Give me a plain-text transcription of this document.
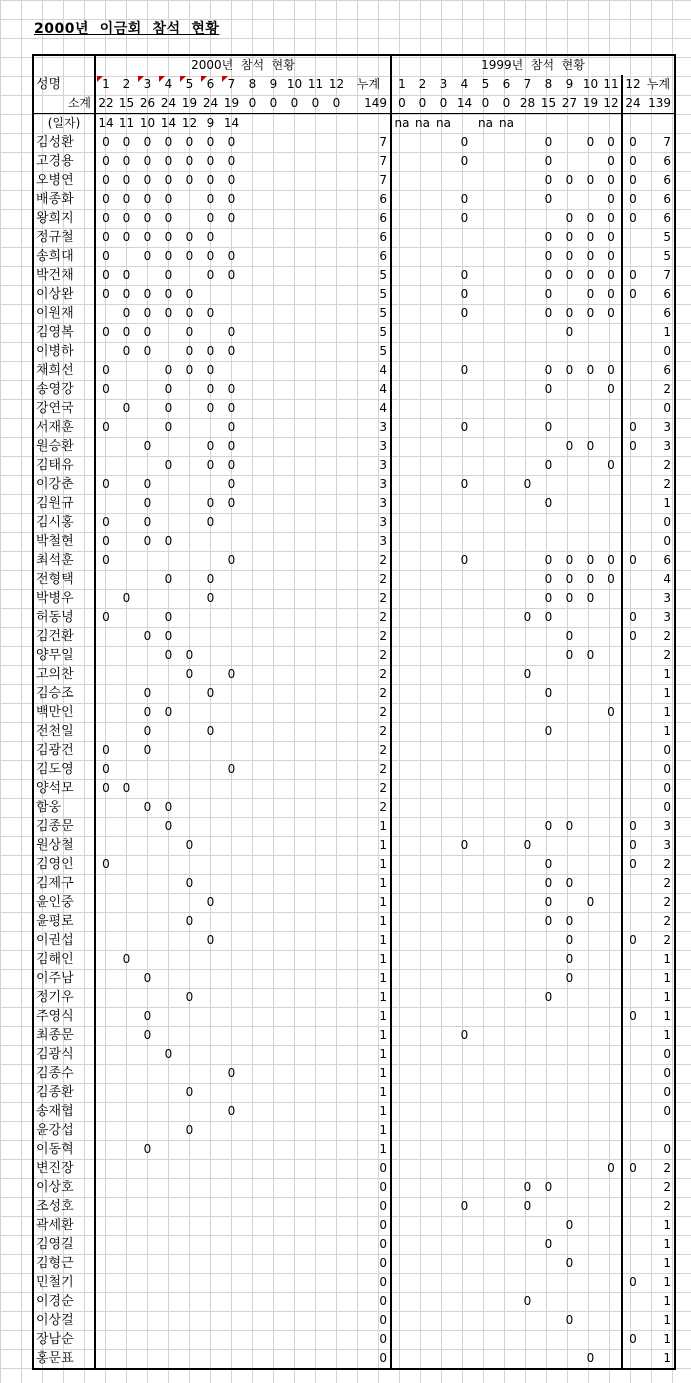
2000년  이금회  참석  현황
	2000년  참석  현황													1999년  참석  현황												
성명	1	2	3	4	5	6	7	8	9	10	11	12	누계	1	2	3	4	5	6	7	8	9	10	11	12	누계
소계	22	15	26	24	19	24	19	0	0	0	0	0	149	0	0	0	14	0	0	28	15	27	19	12	24	139
(일자)	14	11	10	14	12	9	14							na	na	na		na	na							
김성환	0	0	0	0	0	0	0						7				0				0		0	0	0	7
고경용	0	0	0	0	0	0	0						7				0				0			0	0	6
오병연	0	0	0	0	0	0	0						7								0	0	0	0	0	6
배종화	0	0	0	0		0	0						6				0				0			0	0	6
왕희지	0	0	0	0		0	0						6				0					0	0	0	0	6
정규철	0	0	0	0	0	0							6								0	0	0	0		5
송희대	0		0	0	0	0	0						6								0	0	0	0		5
박건채	0	0		0		0	0						5				0				0	0	0	0	0	7
이상완	0	0	0	0	0								5				0				0		0	0	0	6
이원재		0	0	0	0	0							5				0				0	0	0	0		6
김영복	0	0	0		0		0						5									0				1
이병하		0	0		0	0	0						5													0
채희선	0			0	0	0							4				0				0	0	0	0		6
송영강	0			0		0	0						4								0			0		2
강연국		0		0		0	0						4													0
서재훈	0			0			0						3				0				0				0	3
원승환			0			0	0						3									0	0		0	3
김태유				0		0	0						3								0			0		2
이강춘	0		0				0						3				0			0						2
김원규			0			0	0						3								0					1
김시홍	0		0			0							3													0
박철현	0		0	0									3													0
최석훈	0						0						2				0				0	0	0	0	0	6
전형택				0		0							2								0	0	0	0		4
박병우		0				0							2								0	0	0			3
허동녕	0			0									2							0	0				0	3
김건환			0	0									2									0			0	2
양무일				0	0								2									0	0			2
고의찬					0		0						2							0						1
김승조			0			0							2								0					1
백만인			0	0									2											0		1
전천일			0			0							2								0					1
김광건	0		0										2													0
김도영	0						0						2													0
양석모	0	0											2													0
함웅			0	0									2													0
김종문				0									1								0	0			0	3
원상철					0								1				0			0					0	3
김영인	0												1								0				0	2
김제구					0								1								0	0				2
윤인중						0							1								0		0			2
윤평로					0								1								0	0				2
이권섭						0							1									0			0	2
김해인		0											1									0				1
이주남			0										1									0				1
정기우					0								1								0					1
주영식			0										1												0	1
최종문			0										1				0									1
김광식				0									1													0
김종수							0						1													0
김종환					0								1													0
송재협							0						1													0
윤강섭					0								1													
이동혁			0										1													0
변진장													0											0	0	2
이상호													0							0	0					2
조성호													0				0			0						2
곽세환													0									0				1
김영길													0								0					1
김형근													0									0				1
민철기													0												0	1
이경순													0							0						1
이상걸													0									0				1
장남순													0												0	1
홍문표													0										0			1
